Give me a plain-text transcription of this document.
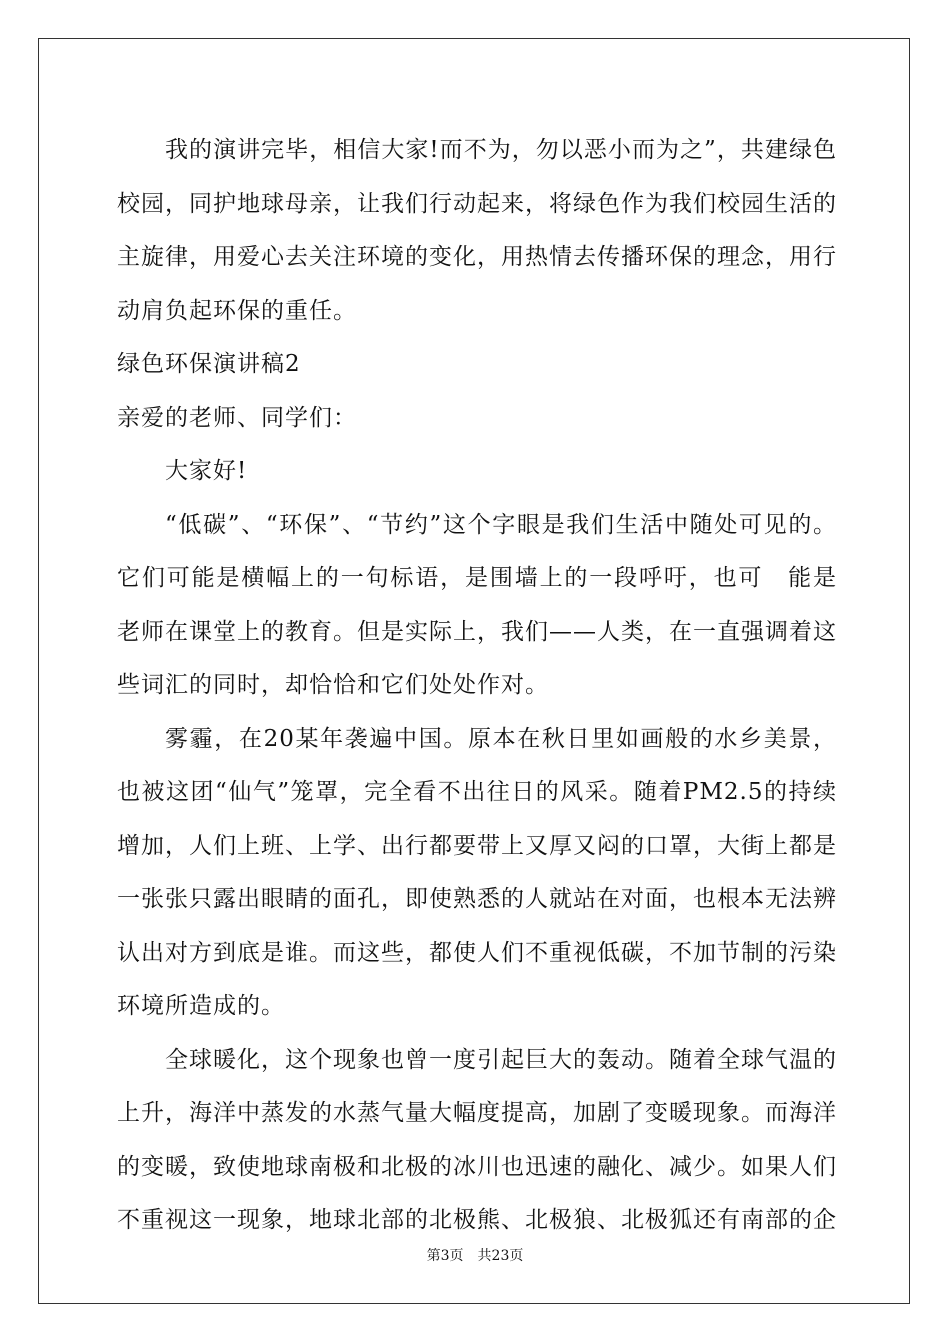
我的演讲完毕，相信大家!而不为，勿以恶小而为之”，共建绿色校园，同护地球母亲，让我们行动起来，将绿色作为我们校园生活的主旋律，用爱心去关注环境的变化，用热情去传播环保的理念，用行动肩负起环保的重任。

绿色环保演讲稿2

亲爱的老师、同学们：

大家好!

“低碳”、“环保”、“节约”这个字眼是我们生活中随处可见的。它们可能是横幅上的一句标语，是围墙上的一段呼吁，也可　能是　老师在课堂上的教育。但是实际上，我们——人类，在一直强调着这些词汇的同时，却恰恰和它们处处作对。

雾霾，在20某年袭遍中国。原本在秋日里如画般的水乡美景，也被这团“仙气”笼罩，完全看不出往日的风采。随着PM2.5的持续增加，人们上班、上学、出行都要带上又厚又闷的口罩，大街上都是一张张只露出眼睛的面孔，即使熟悉的人就站在对面，也根本无法辨认出对方到底是谁。而这些，都使人们不重视低碳，不加节制的污染环境所造成的。

全球暖化，这个现象也曾一度引起巨大的轰动。随着全球气温的上升，海洋中蒸发的水蒸气量大幅度提高，加剧了变暖现象。而海洋的变暖，致使地球南极和北极的冰川也迅速的融化、减少。如果人们不重视这一现象，地球北部的北极熊、北极狼、北极狐还有南部的企

第3页 共23页
